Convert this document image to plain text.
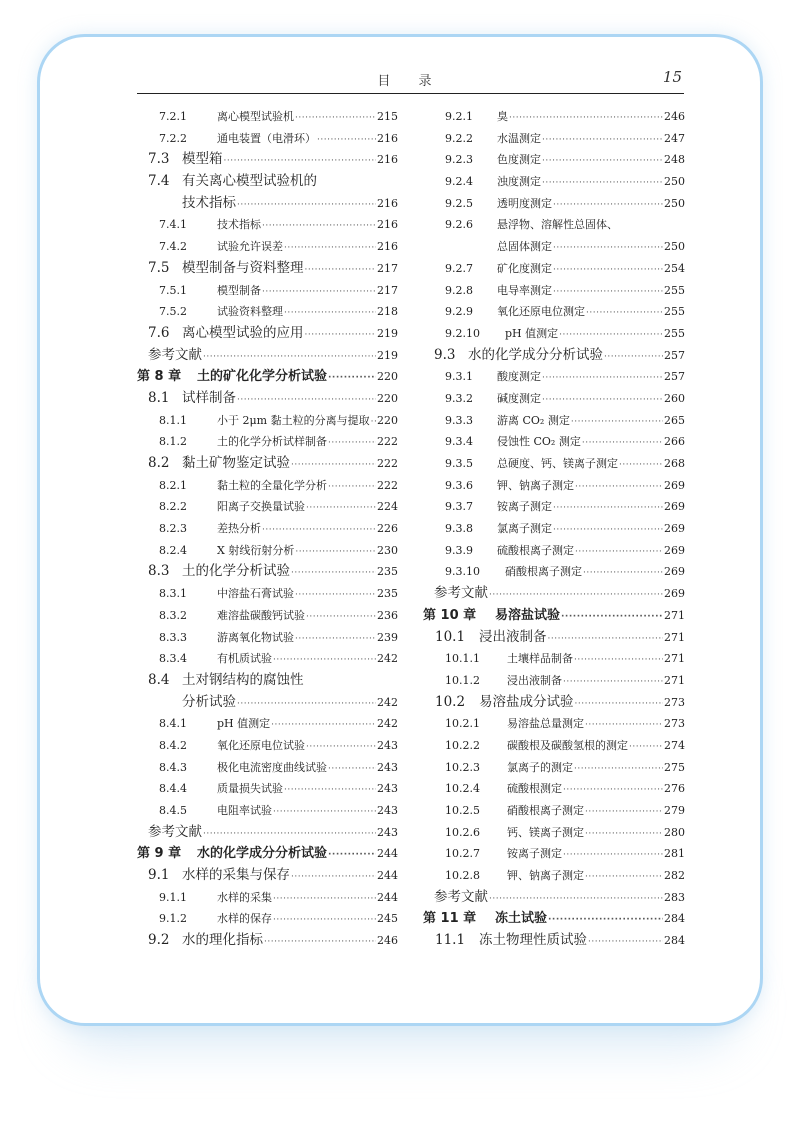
目 录	15
7.2.1	离心模型试验机 ·····	215
7.2.2	通电装置（电滑环） ·····	216
7.3 模型箱 ·····	216
7.4 有关离心模型试验机的
技术指标 ·····	216
7.4.1	技术指标 ·····	216
7.4.2	试验允许误差 ·····	216
7.5 模型制备与资料整理 ·····	217
7.5.1	模型制备 ·····	217
7.5.2	试验资料整理 ·····	218
7.6 离心模型试验的应用 ·····	219
参考文献 ·····	219
第 8 章	土的矿化化学分析试验 ·····	220
8.1 试样制备 ·····	220
8.1.1	小于 2μm 黏土粒的分离与提取 ····· 220
8.1.2	土的化学分析试样制备 ·····	222
8.2 黏土矿物鉴定试验 ·····	222
8.2.1	黏土粒的全量化学分析 ·····	222
8.2.2	阳离子交换量试验 ·····	224
8.2.3	差热分析 ·····	226
8.2.4	X 射线衍射分析 ·····	230
8.3 土的化学分析试验 ·····	235
8.3.1	中溶盐石膏试验 ·····	235
8.3.2	难溶盐碳酸钙试验 ·····	236
8.3.3	游离氧化物试验 ·····	239
8.3.4	有机质试验 ·····	242
8.4 土对钢结构的腐蚀性
分析试验 ·····	242
8.4.1	pH 值测定 ·····	242
8.4.2	氧化还原电位试验 ·····	243
8.4.3	极化电流密度曲线试验 ·····	243
8.4.4	质量损失试验 ·····	243
8.4.5	电阻率试验 ·····	243
参考文献 ·····	243
第 9 章	水的化学成分分析试验 ·····	244
9.1 水样的采集与保存 ·····	244
9.1.1	水样的采集 ·····	244
9.1.2	水样的保存 ·····	245
9.2 水的理化指标 ·····	246
9.2.1	臭 ·····	246
9.2.2	水温测定 ·····	247
9.2.3	色度测定 ·····	248
9.2.4	浊度测定 ·····	250
9.2.5	透明度测定 ·····	250
9.2.6	悬浮物、溶解性总固体、
总固体测定 ·····	250
9.2.7	矿化度测定 ·····	254
9.2.8	电导率测定 ·····	255
9.2.9	氧化还原电位测定 ·····	255
9.2.10	pH 值测定 ·····	255
9.3 水的化学成分分析试验 ·····	257
9.3.1	酸度测定 ·····	257
9.3.2	碱度测定 ·····	260
9.3.3	游离 CO₂ 测定 ·····	265
9.3.4	侵蚀性 CO₂ 测定 ·····	266
9.3.5	总硬度、钙、镁离子测定 ·····	268
9.3.6	钾、钠离子测定 ·····	269
9.3.7	铵离子测定 ·····	269
9.3.8	氯离子测定 ·····	269
9.3.9	硫酸根离子测定 ·····	269
9.3.10	硝酸根离子测定 ·····	269
参考文献 ·····	269
第 10 章	易溶盐试验 ·····	271
10.1	浸出液制备 ·····	271
10.1.1	土壤样品制备 ·····	271
10.1.2	浸出液制备 ·····	271
10.2	易溶盐成分试验 ·····	273
10.2.1	易溶盐总量测定 ·····	273
10.2.2	碳酸根及碳酸氢根的测定 ·····	274
10.2.3	氯离子的测定 ·····	275
10.2.4	硫酸根测定 ·····	276
10.2.5	硝酸根离子测定 ·····	279
10.2.6	钙、镁离子测定 ·····	280
10.2.7	铵离子测定 ·····	281
10.2.8	钾、钠离子测定 ·····	282
参考文献 ·····	283
第 11 章	冻土试验 ·····	284
11.1	冻土物理性质试验 ·····	284
